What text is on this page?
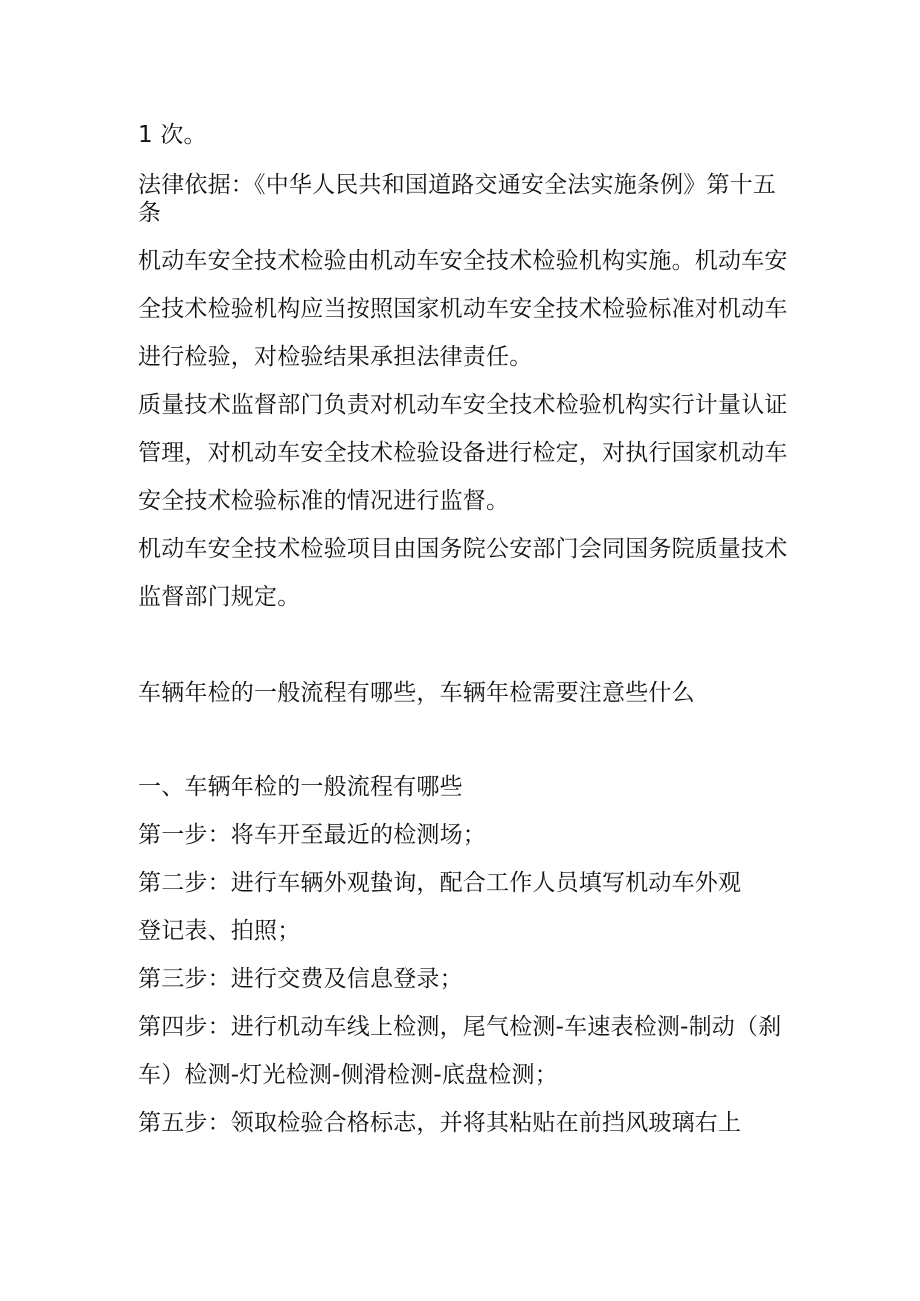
1 次。
法律依据：《中华人民共和国道路交通安全法实施条例》第十五
条
机动车安全技术检验由机动车安全技术检验机构实施。机动车安
全技术检验机构应当按照国家机动车安全技术检验标准对机动车
进行检验，对检验结果承担法律责任。
质量技术监督部门负责对机动车安全技术检验机构实行计量认证
管理，对机动车安全技术检验设备进行检定，对执行国家机动车
安全技术检验标准的情况进行监督。
机动车安全技术检验项目由国务院公安部门会同国务院质量技术
监督部门规定。
车辆年检的一般流程有哪些，车辆年检需要注意些什么
一、车辆年检的一般流程有哪些
第一步：将车开至最近的检测场；
第二步：进行车辆外观蛰询，配合工作人员填写机动车外观
登记表、拍照；
第三步：进行交费及信息登录；
第四步：进行机动车线上检测，尾气检测-车速表检测-制动（刹
车）检测-灯光检测-侧滑检测-底盘检测；
第五步：领取检验合格标志，并将其粘贴在前挡风玻璃右上
